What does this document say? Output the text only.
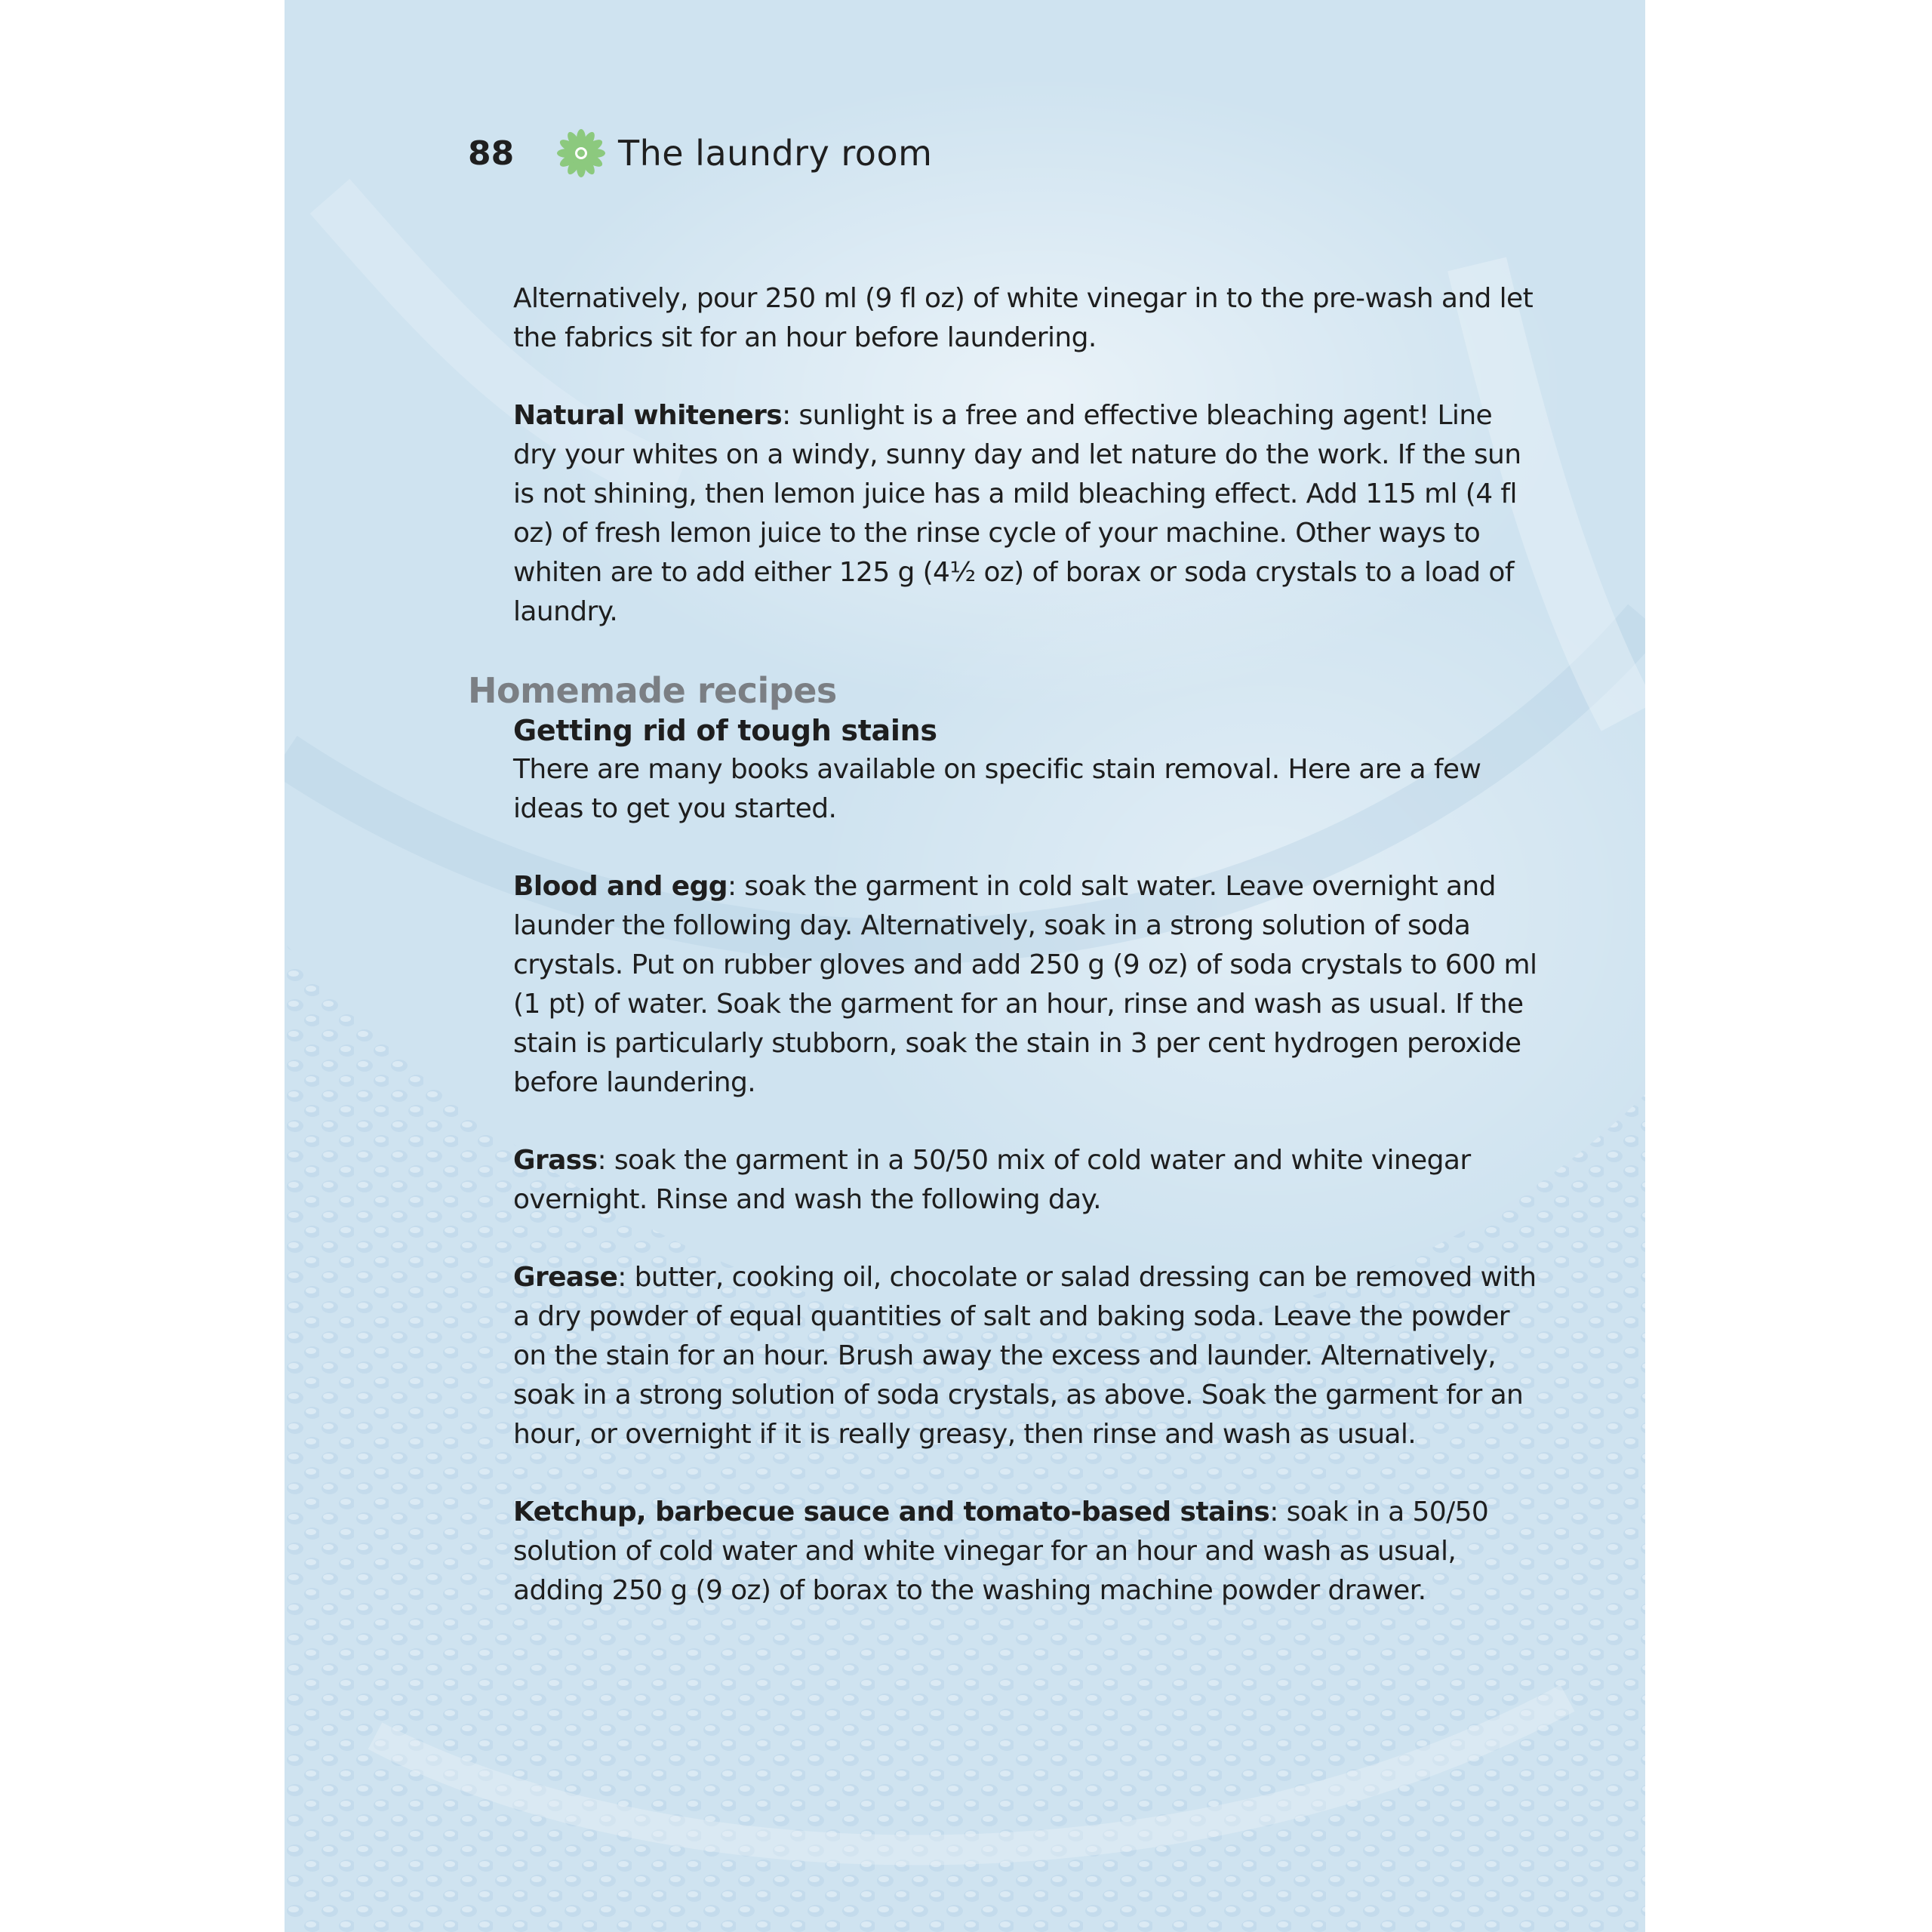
88	The laundry room

Alternatively, pour 250 ml (9 fl oz) of white vinegar in to the pre-wash and let the fabrics sit for an hour before laundering.

Natural whiteners: sunlight is a free and effective bleaching agent! Line dry your whites on a windy, sunny day and let nature do the work. If the sun is not shining, then lemon juice has a mild bleaching effect. Add 115 ml (4 fl oz) of fresh lemon juice to the rinse cycle of your machine. Other ways to whiten are to add either 125 g (4½ oz) of borax or soda crystals to a load of laundry.

Homemade recipes
Getting rid of tough stains

There are many books available on specific stain removal. Here are a few ideas to get you started.

Blood and egg: soak the garment in cold salt water. Leave overnight and launder the following day. Alternatively, soak in a strong solution of soda crystals. Put on rubber gloves and add 250 g (9 oz) of soda crystals to 600 ml (1 pt) of water. Soak the garment for an hour, rinse and wash as usual. If the stain is particularly stubborn, soak the stain in 3 per cent hydrogen peroxide before laundering.

Grass: soak the garment in a 50/50 mix of cold water and white vinegar overnight. Rinse and wash the following day.

Grease: butter, cooking oil, chocolate or salad dressing can be removed with a dry powder of equal quantities of salt and baking soda. Leave the powder on the stain for an hour. Brush away the excess and launder. Alternatively, soak in a strong solution of soda crystals, as above. Soak the garment for an hour, or overnight if it is really greasy, then rinse and wash as usual.

Ketchup, barbecue sauce and tomato-based stains: soak in a 50/50 solution of cold water and white vinegar for an hour and wash as usual, adding 250 g (9 oz) of borax to the washing machine powder drawer.
